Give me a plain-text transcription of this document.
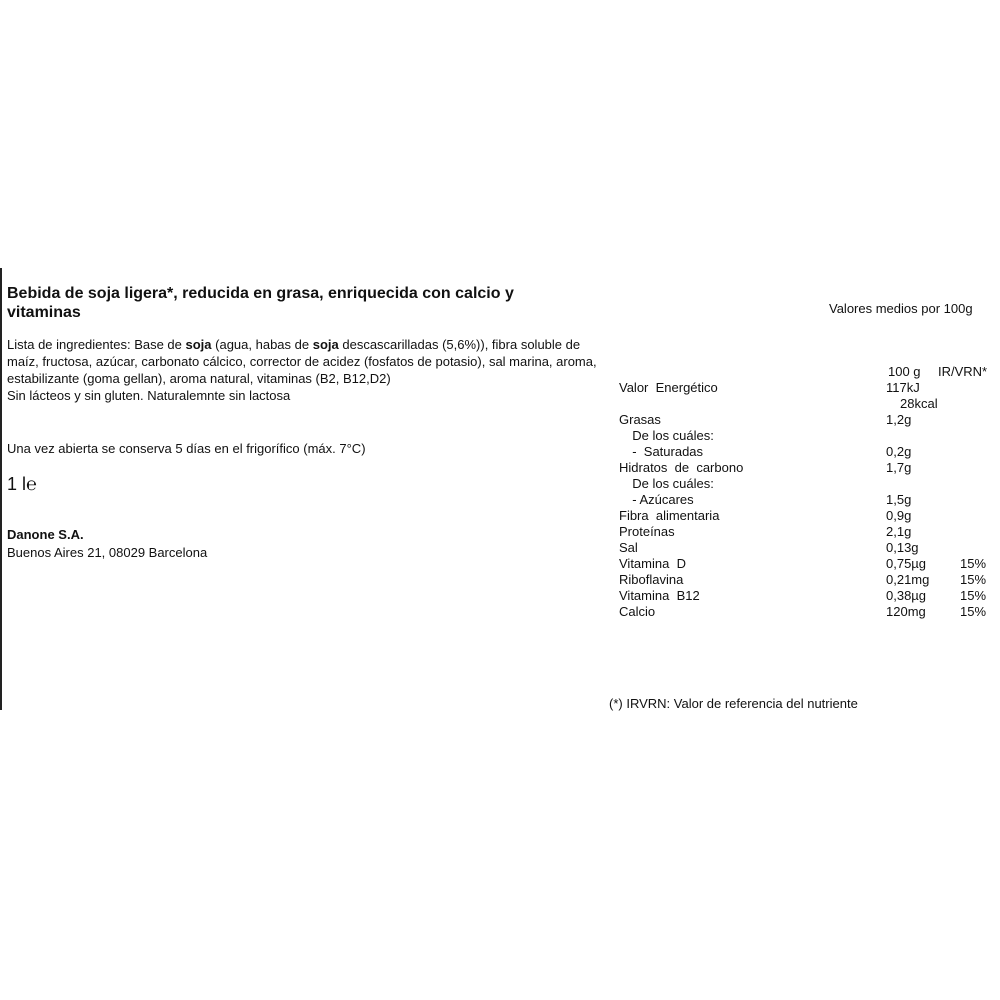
Bebida de soja ligera*, reducida en grasa, enriquecida con calcio y
vitaminas

Lista de ingredientes: Base de soja (agua, habas de soja descascarilladas (5,6%)), fibra soluble de maíz, fructosa, azúcar, carbonato cálcico, corrector de acidez (fosfatos de potasio), sal marina, aroma, estabilizante (goma gellan), aroma natural, vitaminas (B2, B12,D2)
Sin lácteos y sin gluten. Naturalemnte sin lactosa

Una vez abierta se conserva 5 días en el frigorífico (máx. 7°C)

1 l℮

Danone S.A.

Buenos Aires 21, 08029 Barcelona

Valores medios por 100g

100 g IR/VRN*

Valor  Energético	117kJ
28kcal
Grasas	1,2g
De los cuáles:
-  Saturadas	0,2g
Hidratos  de  carbono	1,7g
De los cuáles:
- Azúcares	1,5g
Fibra  alimentaria	0,9g
Proteínas	2,1g
Sal	0,13g
Vitamina  D	0,75µg	15%
Riboflavina	0,21mg 15%
Vitamina  B12	0,38µg	15%
Calcio	120mg	15%

(*) IRVRN: Valor de referencia del nutriente
